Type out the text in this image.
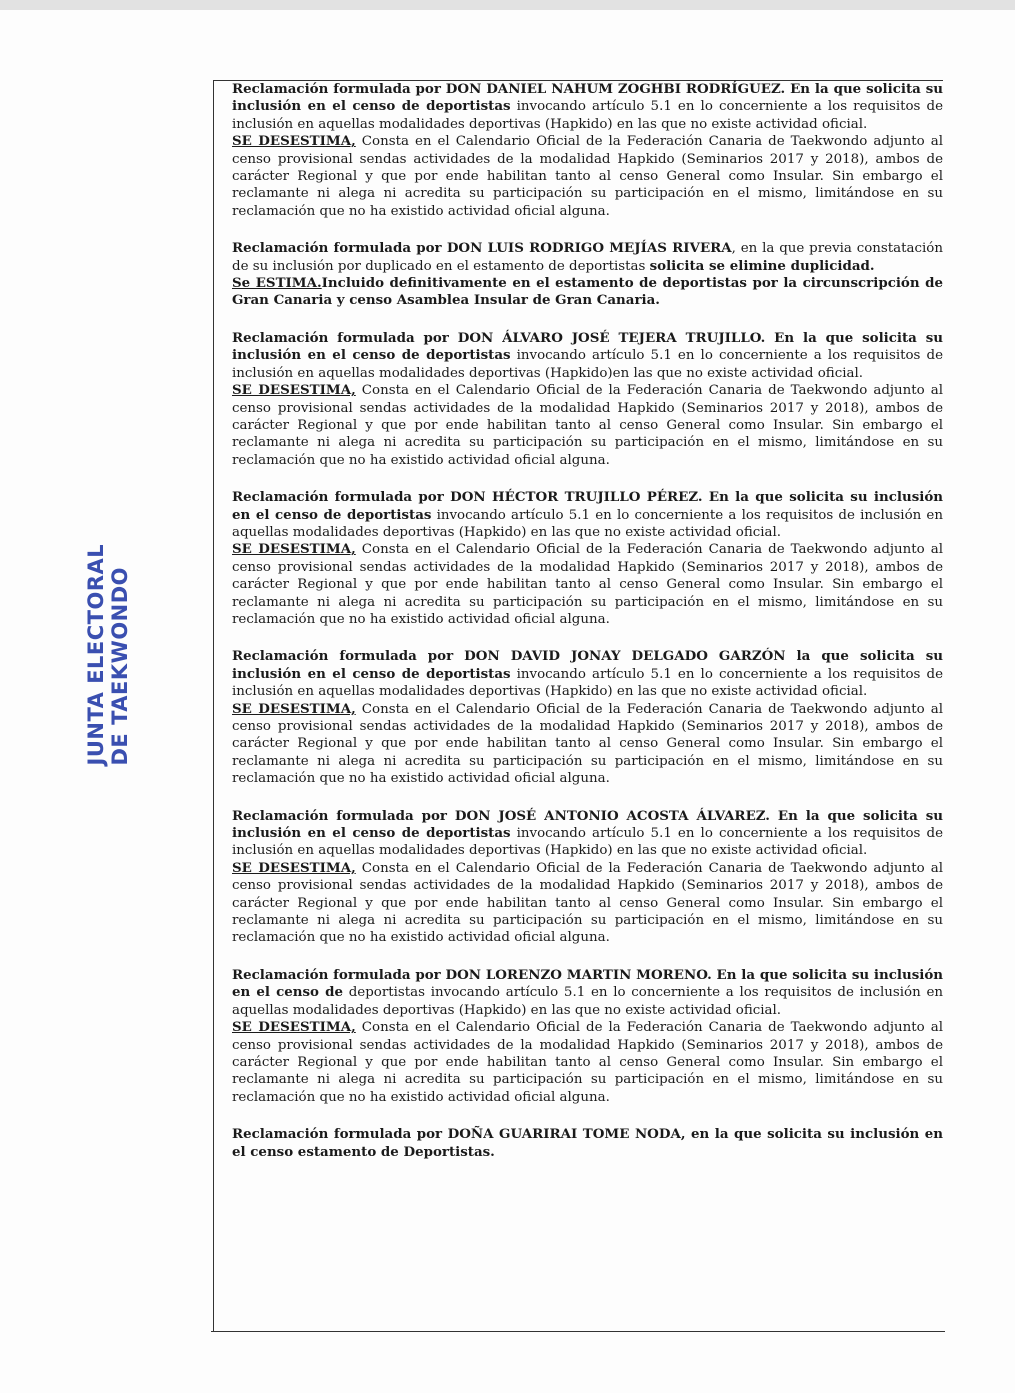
JUNTA ELECTORAL DE TAEKWONDO

Reclamación formulada por DON DANIEL NAHUM ZOGHBI RODRÍGUEZ. En la que solicita su inclusión en el censo de deportistas invocando artículo 5.1 en lo concerniente a los requisitos de inclusión en aquellas modalidades deportivas (Hapkido) en las que no existe actividad oficial.

SE DESESTIMA, Consta en el Calendario Oficial de la Federación Canaria de Taekwondo adjunto al censo provisional sendas actividades de la modalidad Hapkido (Seminarios 2017 y 2018), ambos de carácter Regional y que por ende habilitan tanto al censo General como Insular. Sin embargo el reclamante ni alega ni acredita su participación su participación en el mismo, limitándose en su reclamación que no ha existido actividad oficial alguna.

Reclamación formulada por DON LUIS RODRIGO MEJÍAS RIVERA, en la que previa constatación de su inclusión por duplicado en el estamento de deportistas solicita se elimine duplicidad.

Se ESTIMA.Incluido definitivamente en el estamento de deportistas por la circunscripción de Gran Canaria y censo Asamblea Insular de Gran Canaria.

Reclamación formulada por DON ÁLVARO JOSÉ TEJERA TRUJILLO. En la que solicita su inclusión en el censo de deportistas invocando artículo 5.1 en lo concerniente a los requisitos de inclusión en aquellas modalidades deportivas (Hapkido)en las que no existe actividad oficial.

SE DESESTIMA, Consta en el Calendario Oficial de la Federación Canaria de Taekwondo adjunto al censo provisional sendas actividades de la modalidad Hapkido (Seminarios 2017 y 2018), ambos de carácter Regional y que por ende habilitan tanto al censo General como Insular. Sin embargo el reclamante ni alega ni acredita su participación su participación en el mismo, limitándose en su reclamación que no ha existido actividad oficial alguna.

Reclamación formulada por DON HÉCTOR TRUJILLO PÉREZ. En la que solicita su inclusión en el censo de deportistas invocando artículo 5.1 en lo concerniente a los requisitos de inclusión en aquellas modalidades deportivas (Hapkido) en las que no existe actividad oficial.

SE DESESTIMA, Consta en el Calendario Oficial de la Federación Canaria de Taekwondo adjunto al censo provisional sendas actividades de la modalidad Hapkido (Seminarios 2017 y 2018), ambos de carácter Regional y que por ende habilitan tanto al censo General como Insular. Sin embargo el reclamante ni alega ni acredita su participación su participación en el mismo, limitándose en su reclamación que no ha existido actividad oficial alguna.

Reclamación formulada por DON DAVID JONAY DELGADO GARZÓN la que solicita su inclusión en el censo de deportistas invocando artículo 5.1 en lo concerniente a los requisitos de inclusión en aquellas modalidades deportivas (Hapkido) en las que no existe actividad oficial.

SE DESESTIMA, Consta en el Calendario Oficial de la Federación Canaria de Taekwondo adjunto al censo provisional sendas actividades de la modalidad Hapkido (Seminarios 2017 y 2018), ambos de carácter Regional y que por ende habilitan tanto al censo General como Insular. Sin embargo el reclamante ni alega ni acredita su participación su participación en el mismo, limitándose en su reclamación que no ha existido actividad oficial alguna.

Reclamación formulada por DON JOSÉ ANTONIO ACOSTA ÁLVAREZ. En la que solicita su inclusión en el censo de deportistas invocando artículo 5.1 en lo concerniente a los requisitos de inclusión en aquellas modalidades deportivas (Hapkido) en las que no existe actividad oficial.

SE DESESTIMA, Consta en el Calendario Oficial de la Federación Canaria de Taekwondo adjunto al censo provisional sendas actividades de la modalidad Hapkido (Seminarios 2017 y 2018), ambos de carácter Regional y que por ende habilitan tanto al censo General como Insular. Sin embargo el reclamante ni alega ni acredita su participación su participación en el mismo, limitándose en su reclamación que no ha existido actividad oficial alguna.

Reclamación formulada por DON LORENZO MARTIN MORENO. En la que solicita su inclusión en el censo de deportistas invocando artículo 5.1 en lo concerniente a los requisitos de inclusión en aquellas modalidades deportivas (Hapkido) en las que no existe actividad oficial.

SE DESESTIMA, Consta en el Calendario Oficial de la Federación Canaria de Taekwondo adjunto al censo provisional sendas actividades de la modalidad Hapkido (Seminarios 2017 y 2018), ambos de carácter Regional y que por ende habilitan tanto al censo General como Insular. Sin embargo el reclamante ni alega ni acredita su participación su participación en el mismo, limitándose en su reclamación que no ha existido actividad oficial alguna.

Reclamación formulada por DOÑA GUARIRAI TOME NODA, en la que solicita su inclusión en el censo estamento de Deportistas.
